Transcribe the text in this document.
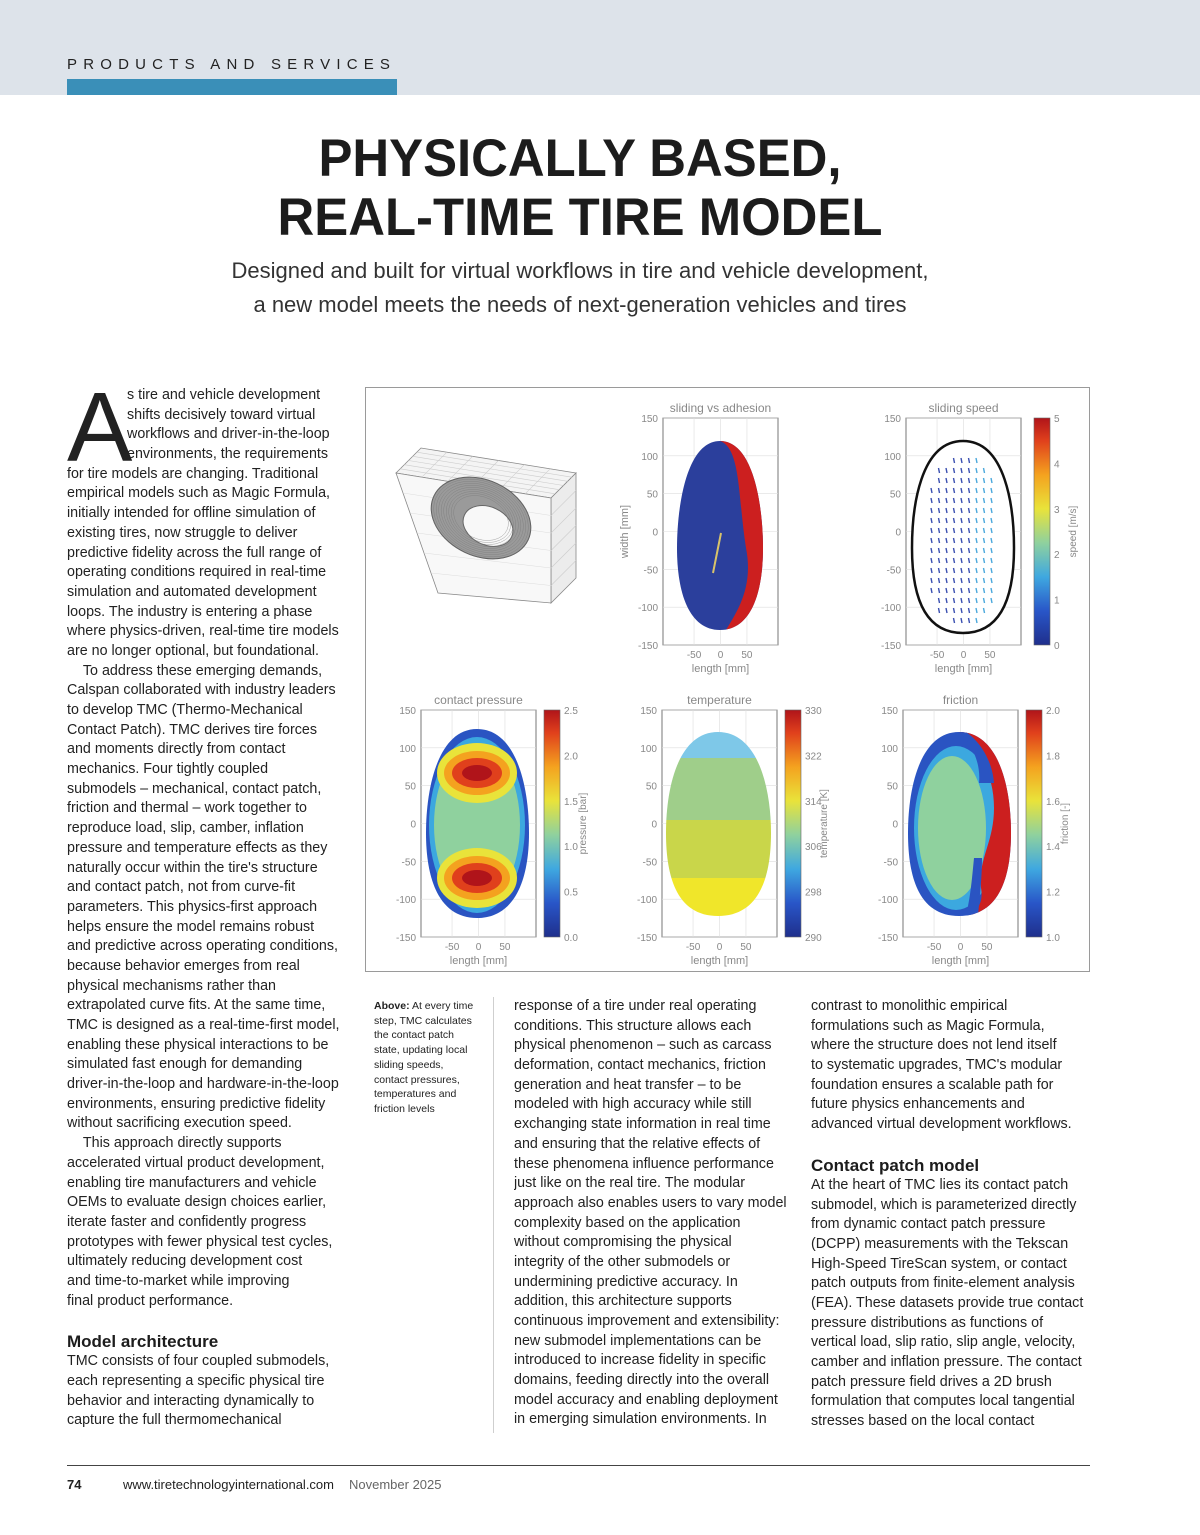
PRODUCTS AND SERVICES
PHYSICALLY BASED,
REAL-TIME TIRE MODEL
Designed and built for virtual workflows in tire and vehicle development,
a new model meets the needs of next-generation vehicles and tires
A
s tire and vehicle development
shifts decisively toward virtual
workflows and driver-in-the-loop
environments, the requirements
for tire models are changing. Traditional
empirical models such as Magic Formula,
initially intended for offline simulation of
existing tires, now struggle to deliver
predictive fidelity across the full range of
operating conditions required in real-time
simulation and automated development
loops. The industry is entering a phase
where physics-driven, real-time tire models
are no longer optional, but foundational.
To address these emerging demands,
Calspan collaborated with industry leaders
to develop TMC (Thermo-Mechanical
Contact Patch). TMC derives tire forces
and moments directly from contact
mechanics. Four tightly coupled
submodels – mechanical, contact patch,
friction and thermal – work together to
reproduce load, slip, camber, inflation
pressure and temperature effects as they
naturally occur within the tire's structure
and contact patch, not from curve-fit
parameters. This physics-first approach
helps ensure the model remains robust
and predictive across operating conditions,
because behavior emerges from real
physical mechanisms rather than
extrapolated curve fits. At the same time,
TMC is designed as a real-time-first model,
enabling these physical interactions to be
simulated fast enough for demanding
driver-in-the-loop and hardware-in-the-loop
environments, ensuring predictive fidelity
without sacrificing execution speed.
This approach directly supports
accelerated virtual product development,
enabling tire manufacturers and vehicle
OEMs to evaluate design choices earlier,
iterate faster and confidently progress
prototypes with fewer physical test cycles,
ultimately reducing development cost
and time-to-market while improving
final product performance.
Model architecture
TMC consists of four coupled submodels,
each representing a specific physical tire
behavior and interacting dynamically to
capture the full thermomechanical
150
100
50
0
-50
-100
-150
-50 0 50
length [mm]
sliding vs adhesion
width [mm]
150
100
50
0
-50
-100
-150
-50 0 50
length [mm]
sliding speed
5
4
3
2
1
0
speed [m/s]
150
100
50
0
-50
-100
-150
-50 0 50
length [mm]
contact pressure
2.5
2.0
1.5
1.0
0.5
0.0
pressure [bar]
150
100
50
0
-50
-100
-150
-50 0 50
length [mm]
temperature
330
322
314
306
298
290
temperature [K]
150
100
50
0
-50
-100
-150
-50 0 50
length [mm]
friction
2.0
1.8
1.6
1.4
1.2
1.0
friction [-]
Above: At every time
step, TMC calculates
the contact patch
state, updating local
sliding speeds,
contact pressures,
temperatures and
friction levels

response of a tire under real operating
conditions. This structure allows each
physical phenomenon – such as carcass
deformation, contact mechanics, friction
generation and heat transfer – to be
modeled with high accuracy while still
exchanging state information in real time
and ensuring that the relative effects of
these phenomena influence performance
just like on the real tire. The modular
approach also enables users to vary model
complexity based on the application
without compromising the physical
integrity of the other submodels or
undermining predictive accuracy. In
addition, this architecture supports
continuous improvement and extensibility:
new submodel implementations can be
introduced to increase fidelity in specific
domains, feeding directly into the overall
model accuracy and enabling deployment
in emerging simulation environments. In
contrast to monolithic empirical
formulations such as Magic Formula,
where the structure does not lend itself
to systematic upgrades, TMC's modular
foundation ensures a scalable path for
future physics enhancements and
advanced virtual development workflows.
Contact patch model
At the heart of TMC lies its contact patch
submodel, which is parameterized directly
from dynamic contact patch pressure
(DCPP) measurements with the Tekscan
High-Speed TireScan system, or contact
patch outputs from finite-element analysis
(FEA). These datasets provide true contact
pressure distributions as functions of
vertical load, slip ratio, slip angle, velocity,
camber and inflation pressure. The contact
patch pressure field drives a 2D brush
formulation that computes local tangential
stresses based on the local contact
74	www.tiretechnologyinternational.com November 2025
